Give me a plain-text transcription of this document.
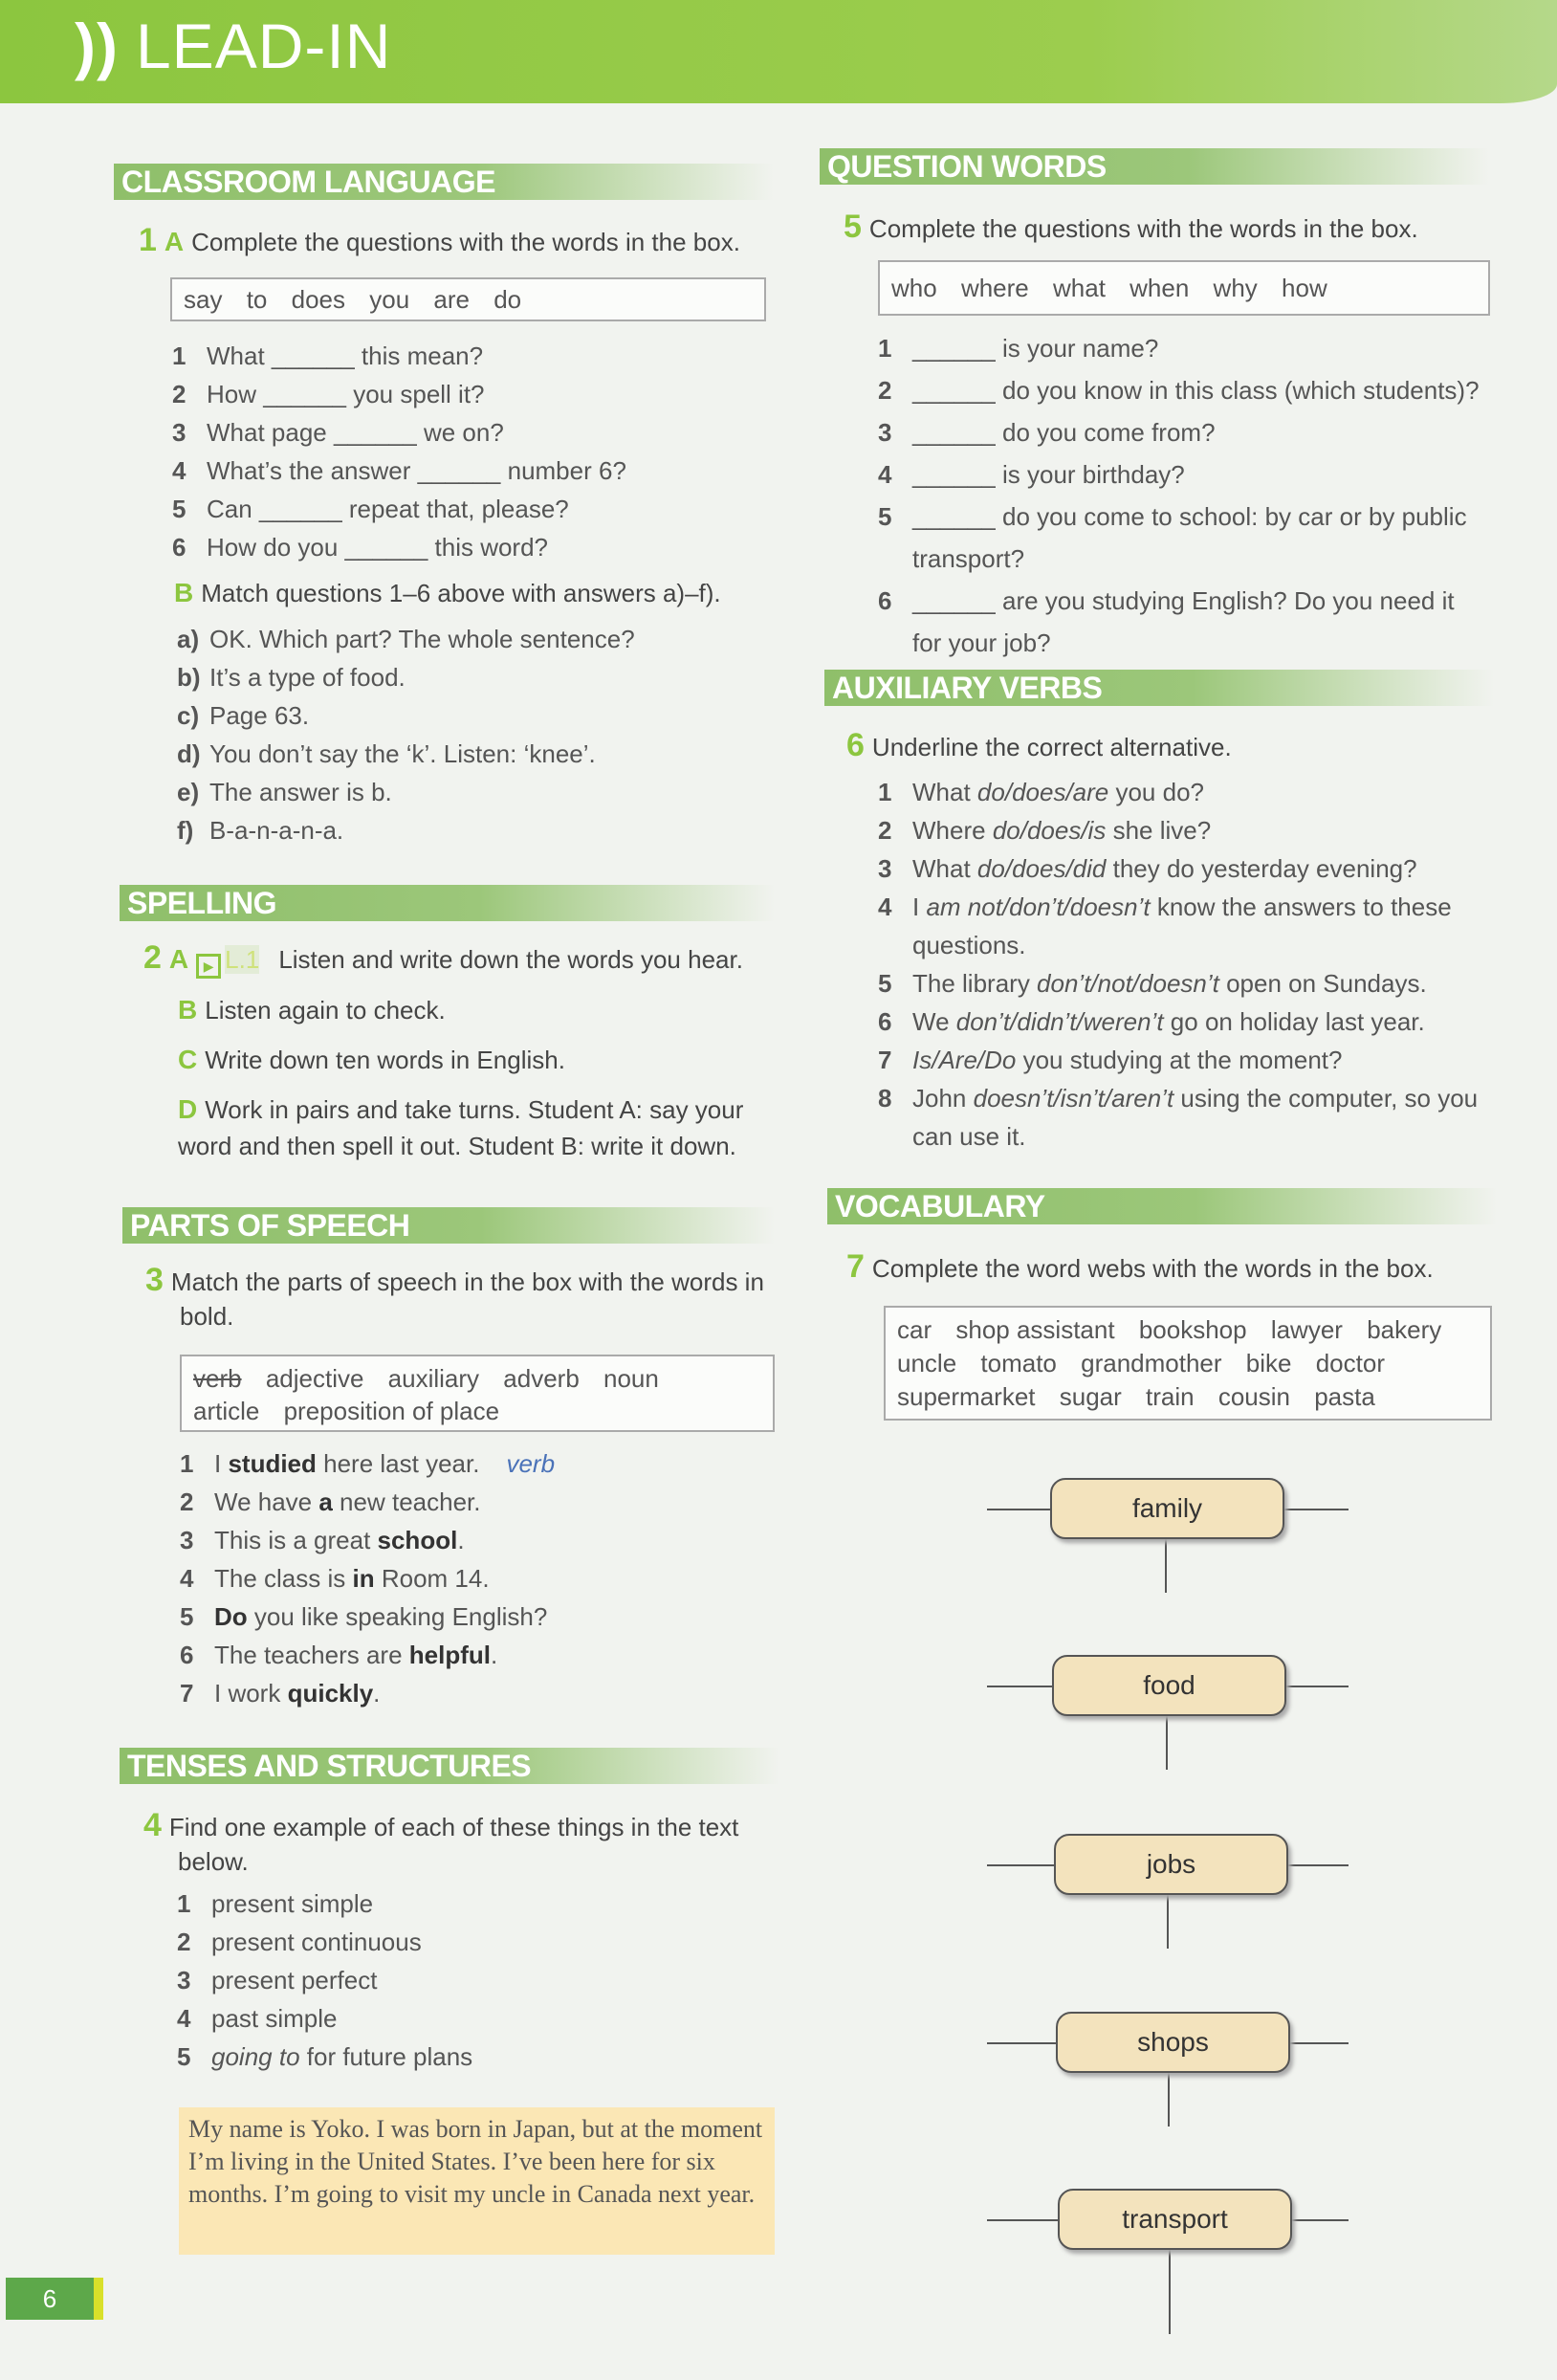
)) LEAD-IN
CLASSROOM LANGUAGE
1 A Complete the questions with the words in the box.
say to does you are do
1 What ______ this mean?
2 How ______ you spell it?
3 What page ______ we on?
4 What’s the answer ______ number 6?
5 Can ______ repeat that, please?
6 How do you ______ this word?
B Match questions 1–6 above with answers a)–f).
a) OK. Which part? The whole sentence?
b) It’s a type of food.
c) Page 63.
d) You don’t say the ‘k’. Listen: ‘knee’.
e) The answer is b.
f) B-a-n-a-n-a.
SPELLING
2 A ▶ L.1 Listen and write down the words you hear.
B Listen again to check.
C Write down ten words in English.
D Work in pairs and take turns. Student A: say your word and then spell it out. Student B: write it down.
PARTS OF SPEECH
3 Match the parts of speech in the box with the words in bold.
verb adjective auxiliary adverb noun article preposition of place
1 I studied here last year. verb
2 We have a new teacher.
3 This is a great school.
4 The class is in Room 14.
5 Do you like speaking English?
6 The teachers are helpful.
7 I work quickly.
TENSES AND STRUCTURES
4 Find one example of each of these things in the text below.
1 present simple
2 present continuous
3 present perfect
4 past simple
5 going to for future plans
My name is Yoko. I was born in Japan, but at the moment I’m living in the United States. I’ve been here for six months. I’m going to visit my uncle in Canada next year.
6
QUESTION WORDS
5 Complete the questions with the words in the box.
who where what when why how
1 ______ is your name?
2 ______ do you know in this class (which students)?
3 ______ do you come from?
4 ______ is your birthday?
5 ______ do you come to school: by car or by public transport?
6 ______ are you studying English? Do you need it for your job?
AUXILIARY VERBS
6 Underline the correct alternative.
1 What do/does/are you do?
2 Where do/does/is she live?
3 What do/does/did they do yesterday evening?
4 I am not/don’t/doesn’t know the answers to these questions.
5 The library don’t/not/doesn’t open on Sundays.
6 We don’t/didn’t/weren’t go on holiday last year.
7 Is/Are/Do you studying at the moment?
8 John doesn’t/isn’t/aren’t using the computer, so you can use it.
VOCABULARY
7 Complete the word webs with the words in the box.
car shop assistant bookshop lawyer bakery uncle tomato grandmother bike doctor supermarket sugar train cousin pasta
family
food
jobs
shops
transport
